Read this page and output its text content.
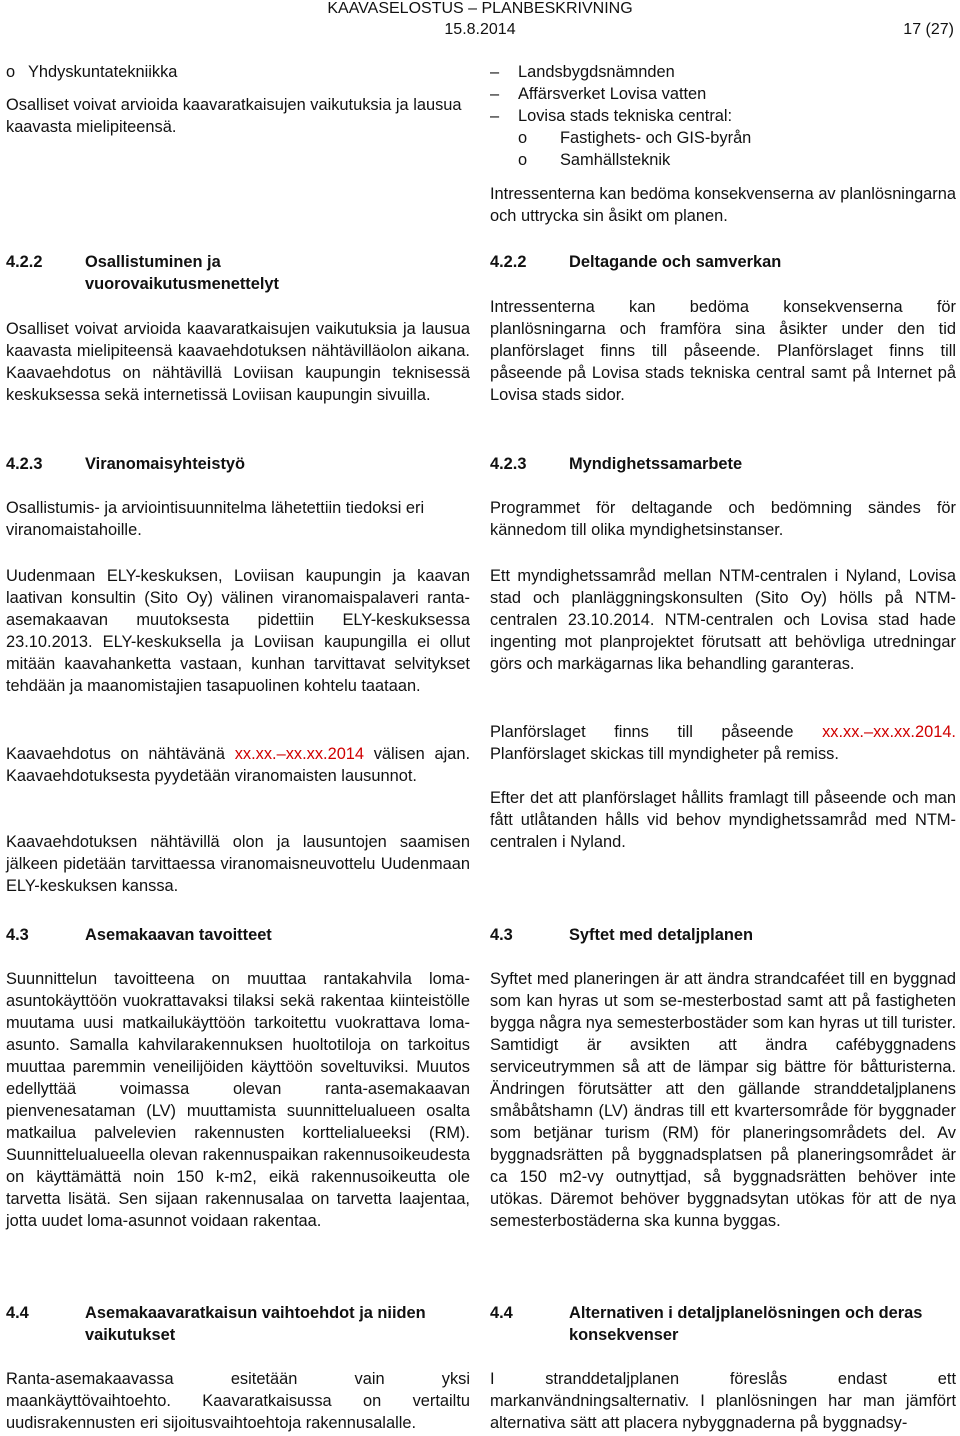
KAAVASELOSTUS – PLANBESKRIVNING
15.8.2014	17 (27)
o Yhdyskuntatekniikka

Osalliset voivat arvioida kaavaratkaisujen vaikutuksia ja lausua kaavasta mielipiteensä.

4.2.2	Osallistuminen ja vuorovaikutusmenettelyt

Osalliset voivat arvioida kaavaratkaisujen vaikutuksia ja lausua kaavasta mielipiteensä kaavaehdotuksen nähtävilläolon aikana. Kaavaehdotus on nähtävillä Loviisan kaupungin teknisessä keskuksessa sekä internetissä Loviisan kaupungin sivuilla.

4.2.3	Viranomaisyhteistyö

Osallistumis- ja arviointisuunnitelma lähetettiin tiedoksi eri viranomaistahoille.

Uudenmaan ELY-keskuksen, Loviisan kaupungin ja kaavan laativan konsultin (Sito Oy) välinen viranomaispalaveri ranta-asemakaavan muutoksesta pidettiin ELY-keskuksessa 23.10.2013. ELY-keskuksella ja Loviisan kaupungilla ei ollut mitään kaavahanketta vastaan, kunhan tarvittavat selvitykset tehdään ja maanomistajien tasapuolinen kohtelu taataan.

Kaavaehdotus on nähtävänä xx.xx.–xx.xx.2014 välisen ajan. Kaavaehdotuksesta pyydetään viranomaisten lausunnot.

Kaavaehdotuksen nähtävillä olon ja lausuntojen saamisen jälkeen pidetään tarvittaessa viranomaisneuvottelu Uudenmaan ELY-keskuksen kanssa.

4.3	Asemakaavan tavoitteet

Suunnittelun tavoitteena on muuttaa rantakahvila loma-asuntokäyttöön vuokrattavaksi tilaksi sekä rakentaa kiinteistölle muutama uusi matkailukäyttöön tarkoitettu vuokrattava loma-asunto. Samalla kahvilarakennuksen huoltotiloja on tarkoitus muuttaa paremmin veneilijöiden käyttöön soveltuviksi. Muutos edellyttää voimassa olevan ranta-asemakaavan pienvenesataman (LV) muuttamista suunnittelualueen osalta matkailua palvelevien rakennusten korttelialueeksi (RM). Suunnittelualueella olevan rakennuspaikan rakennusoikeudesta on käyttämättä noin 150 k-m2, eikä rakennusoikeutta ole tarvetta lisätä. Sen sijaan rakennusalaa on tarvetta laajentaa, jotta uudet loma-asunnot voidaan rakentaa.

4.4	Asemakaavaratkaisun vaihtoehdot ja niiden vaikutukset

Ranta-asemakaavassa esitetään vain yksi maankäyttövaihtoehto. Kaavaratkaisussa on vertailtu uudisrakennusten eri sijoitusvaihtoehtoja rakennusalalle.

–	Landsbygdsnämnden
–	Affärsverket Lovisa vatten
–	Lovisa stads tekniska central:
o	Fastighets- och GIS-byrån
o	Samhällsteknik

Intressenterna kan bedöma konsekvenserna av planlösningarna och uttrycka sin åsikt om planen.

4.2.2	Deltagande och samverkan

Intressenterna kan bedöma konsekvenserna för planlösningarna och framföra sina åsikter under den tid planförslaget finns till påseende. Planförslaget finns till påseende på Lovisa stads tekniska central samt på Internet på Lovisa stads sidor.

4.2.3	Myndighetssamarbete

Programmet för deltagande och bedömning sändes för kännedom till olika myndighetsinstanser.

Ett myndighetssamråd mellan NTM-centralen i Nyland, Lovisa stad och planläggningskonsulten (Sito Oy) hölls på NTM-centralen 23.10.2014. NTM-centralen och Lovisa stad hade ingenting mot planprojektet förutsatt att behövliga utredningar görs och markägarnas lika behandling garanteras.

Planförslaget finns till påseende xx.xx.–xx.xx.2014. Planförslaget skickas till myndigheter på remiss.

Efter det att planförslaget hållits framlagt till påseende och man fått utlåtanden hålls vid behov myndighetssamråd med NTM-centralen i Nyland.

4.3	Syftet med detaljplanen

Syftet med planeringen är att ändra strandcaféet till en byggnad som kan hyras ut som se-mesterbostad samt att på fastigheten bygga några nya semesterbostäder som kan hyras ut till turister. Samtidigt är avsikten att ändra cafébyggnadens serviceutrymmen så att de lämpar sig bättre för båtturisterna. Ändringen förutsätter att den gällande stranddetaljplanens småbåtshamn (LV) ändras till ett kvartersområde för byggnader som betjänar turism (RM) för planeringsområdets del. Av byggnadsrätten på byggnadsplatsen på planeringsområdet är ca 150 m2-vy outnyttjad, så byggnadsrätten behöver inte utökas. Däremot behöver byggnadsytan utökas för att de nya semesterbostäderna ska kunna byggas.

4.4	Alternativen i detaljplanelösningen och deras konsekvenser

I stranddetaljplanen föreslås endast ett markanvändningsalternativ. I planlösningen har man jämfört alternativa sätt att placera nybyggnaderna på byggnadsy-
